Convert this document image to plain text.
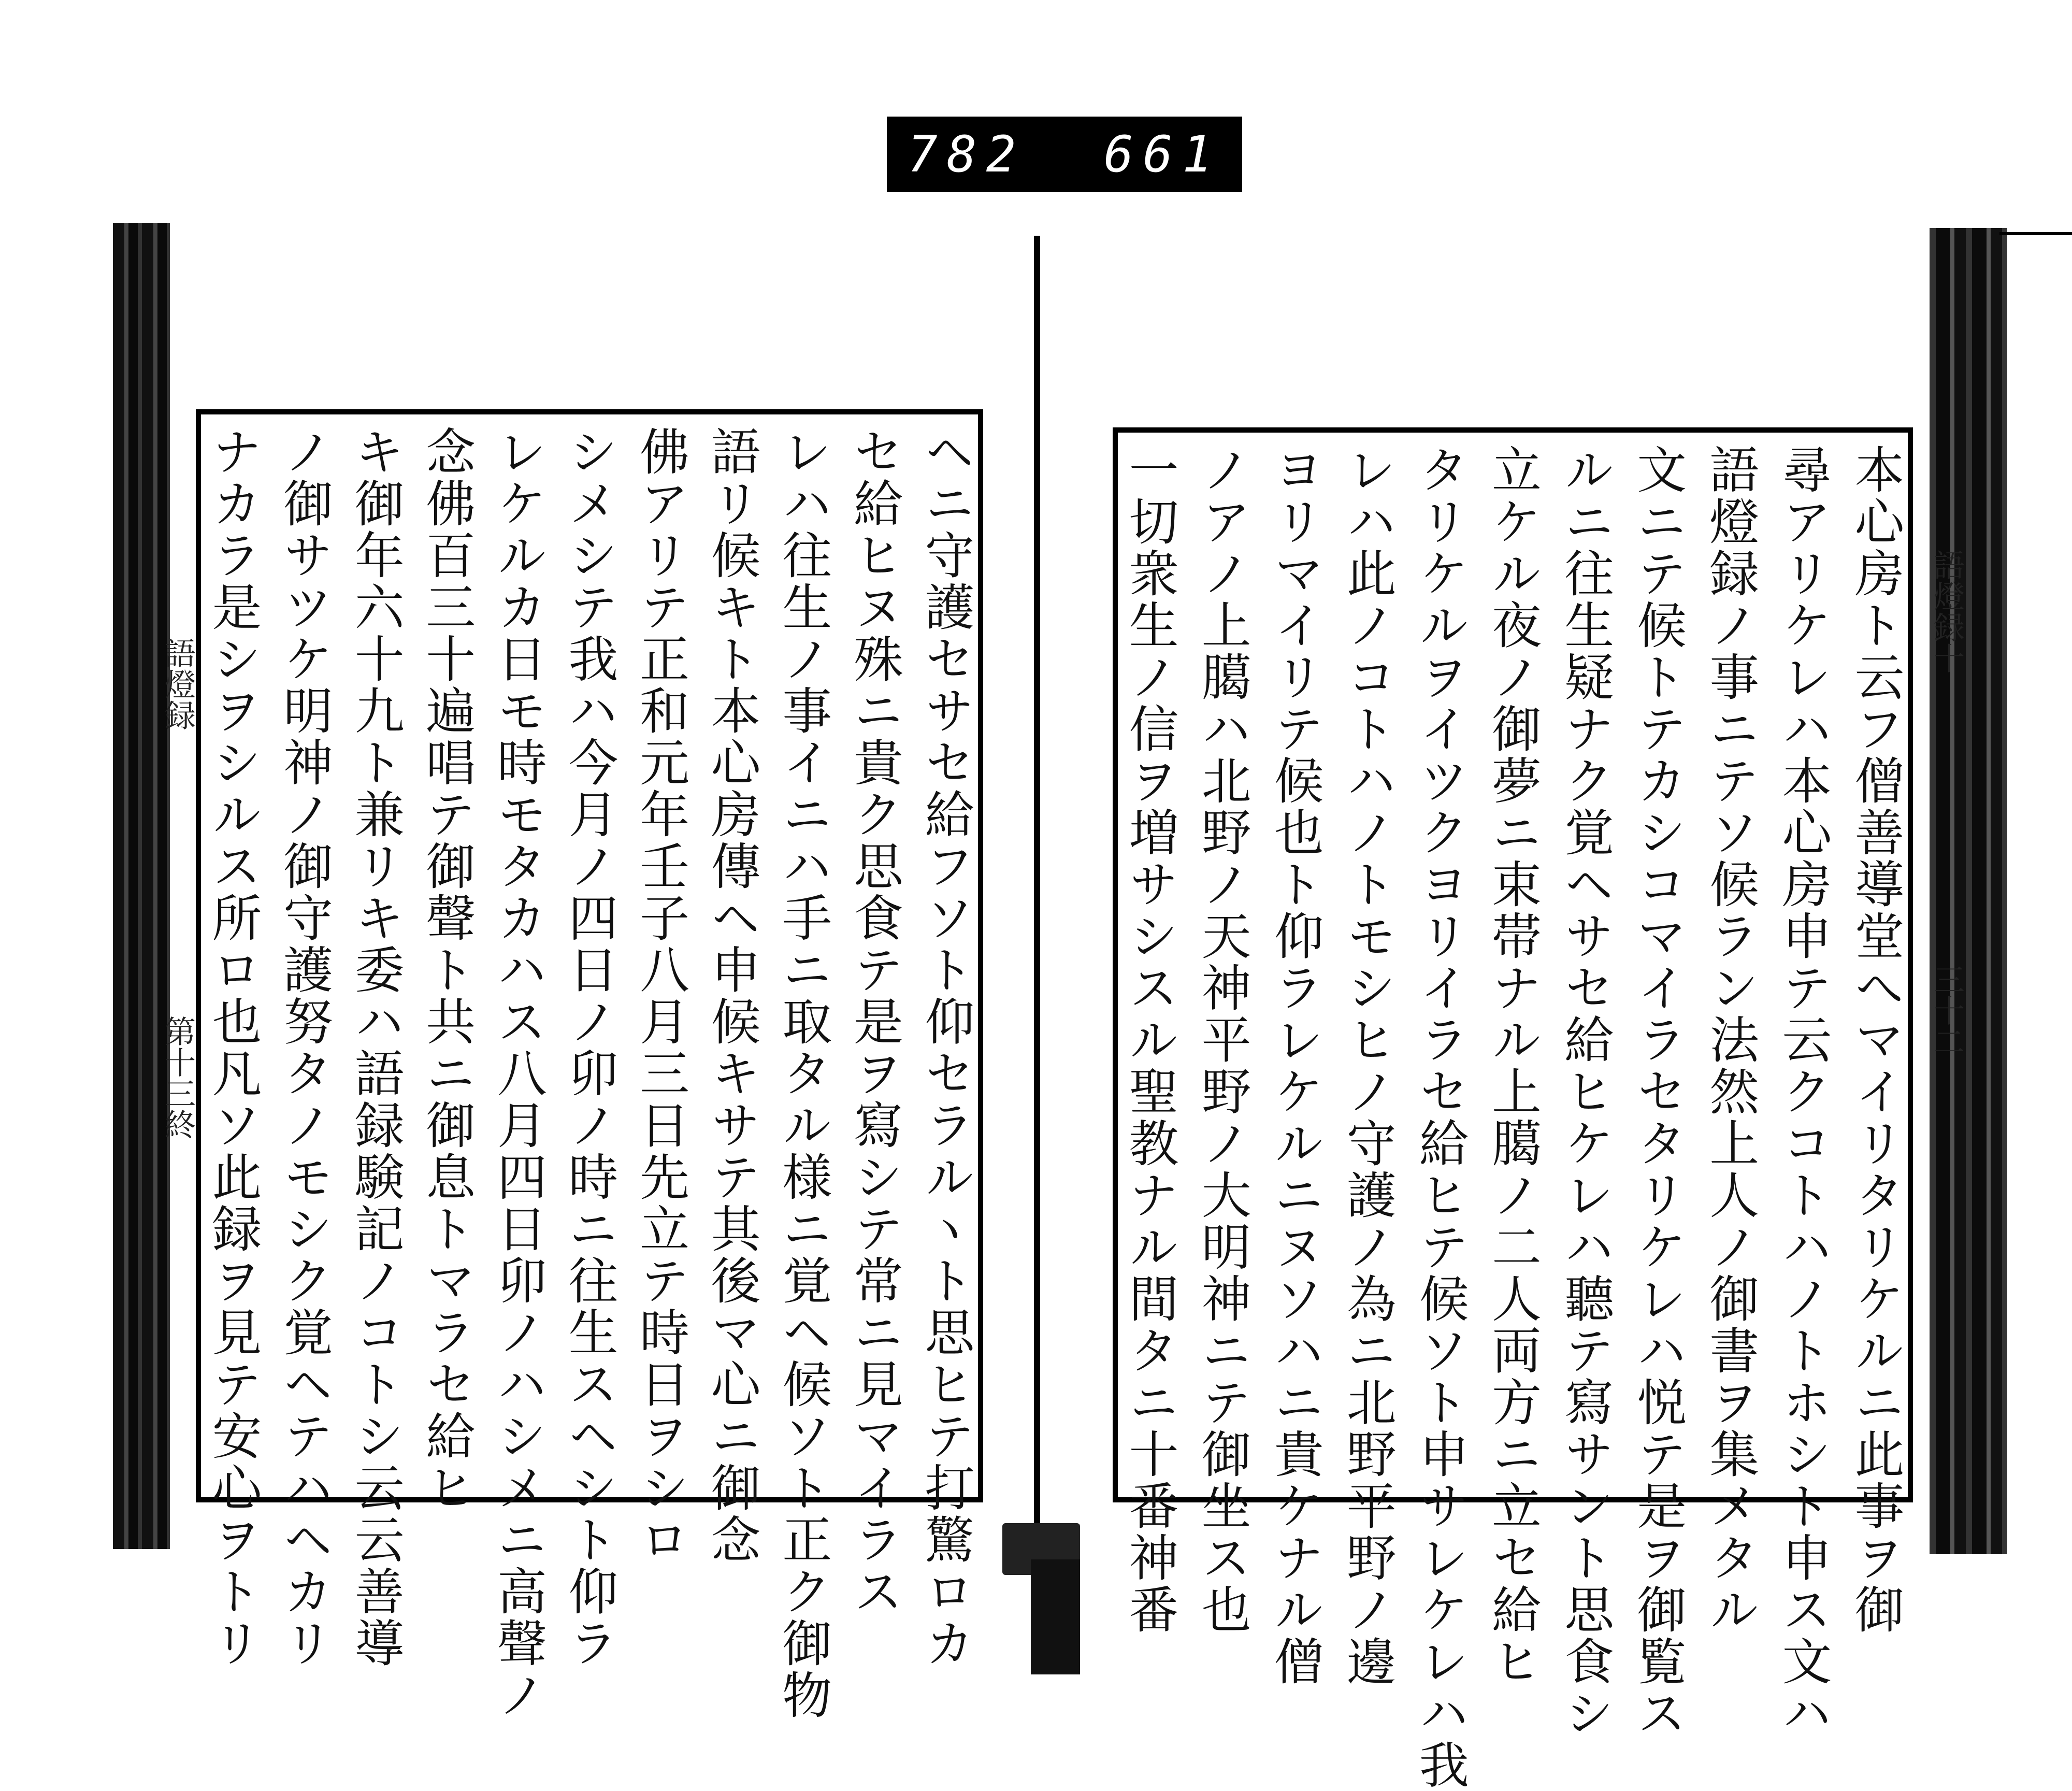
782 661
語燈録
第十三終
語燈録十
三十二
本心房ト云フ僧善導堂へマイリタリケルニ此事ヲ御
尋アリケレハ本心房申テ云クコトハノトホシト申ス文ハ
語燈録ノ事ニテソ候ラン法然上人ノ御書ヲ集メタル
文ニテ候トテカシコマイラセタリケレハ悦テ是ヲ御覧ス
ルニ往生疑ナク覚ヘサセ給ヒケレハ聽テ寫サント思食シ
立ケル夜ノ御夢ニ束帯ナル上臈ノ二人両方ニ立セ給ヒ
タリケルヲイツクヨリイラセ給ヒテ候ソト申サレケレハ我
レハ此ノコトハノトモシヒノ守護ノ為ニ北野平野ノ邊
ヨリマイリテ候也ト仰ラレケルニヌソハニ貴ケナル僧
ノアノ上臈ハ北野ノ天神平野ノ大明神ニテ御坐ス也
一切衆生ノ信ヲ増サシスル聖教ナル間タニ十番神番
ヘニ守護セサセ給フソト仰セラルヽト思ヒテ打驚ロカ
セ給ヒヌ殊ニ貴ク思食テ是ヲ寫シテ常ニ見マイラス
レハ往生ノ事イニハ手ニ取タル様ニ覚ヘ候ソト正ク御物
語リ候キト本心房傳ヘ申候キサテ其後マ心ニ御念
佛アリテ正和元年壬子八月三日先立テ時日ヲシロ
シメシテ我ハ今月ノ四日ノ卯ノ時ニ往生スヘシト仰ラ
レケルカ日モ時モタカハス八月四日卯ノハシメニ高聲ノ
念佛百三十遍唱テ御聲ト共ニ御息トマラセ給ヒ
キ御年六十九ト兼リキ委ハ語録験記ノコトシ云云善導
ノ御サツケ明神ノ御守護努タノモシク覚ヘテハヘカリ
ナカラ是シヲシルス所ロ也凡ソ此録ヲ見テ安心ヲトリ
